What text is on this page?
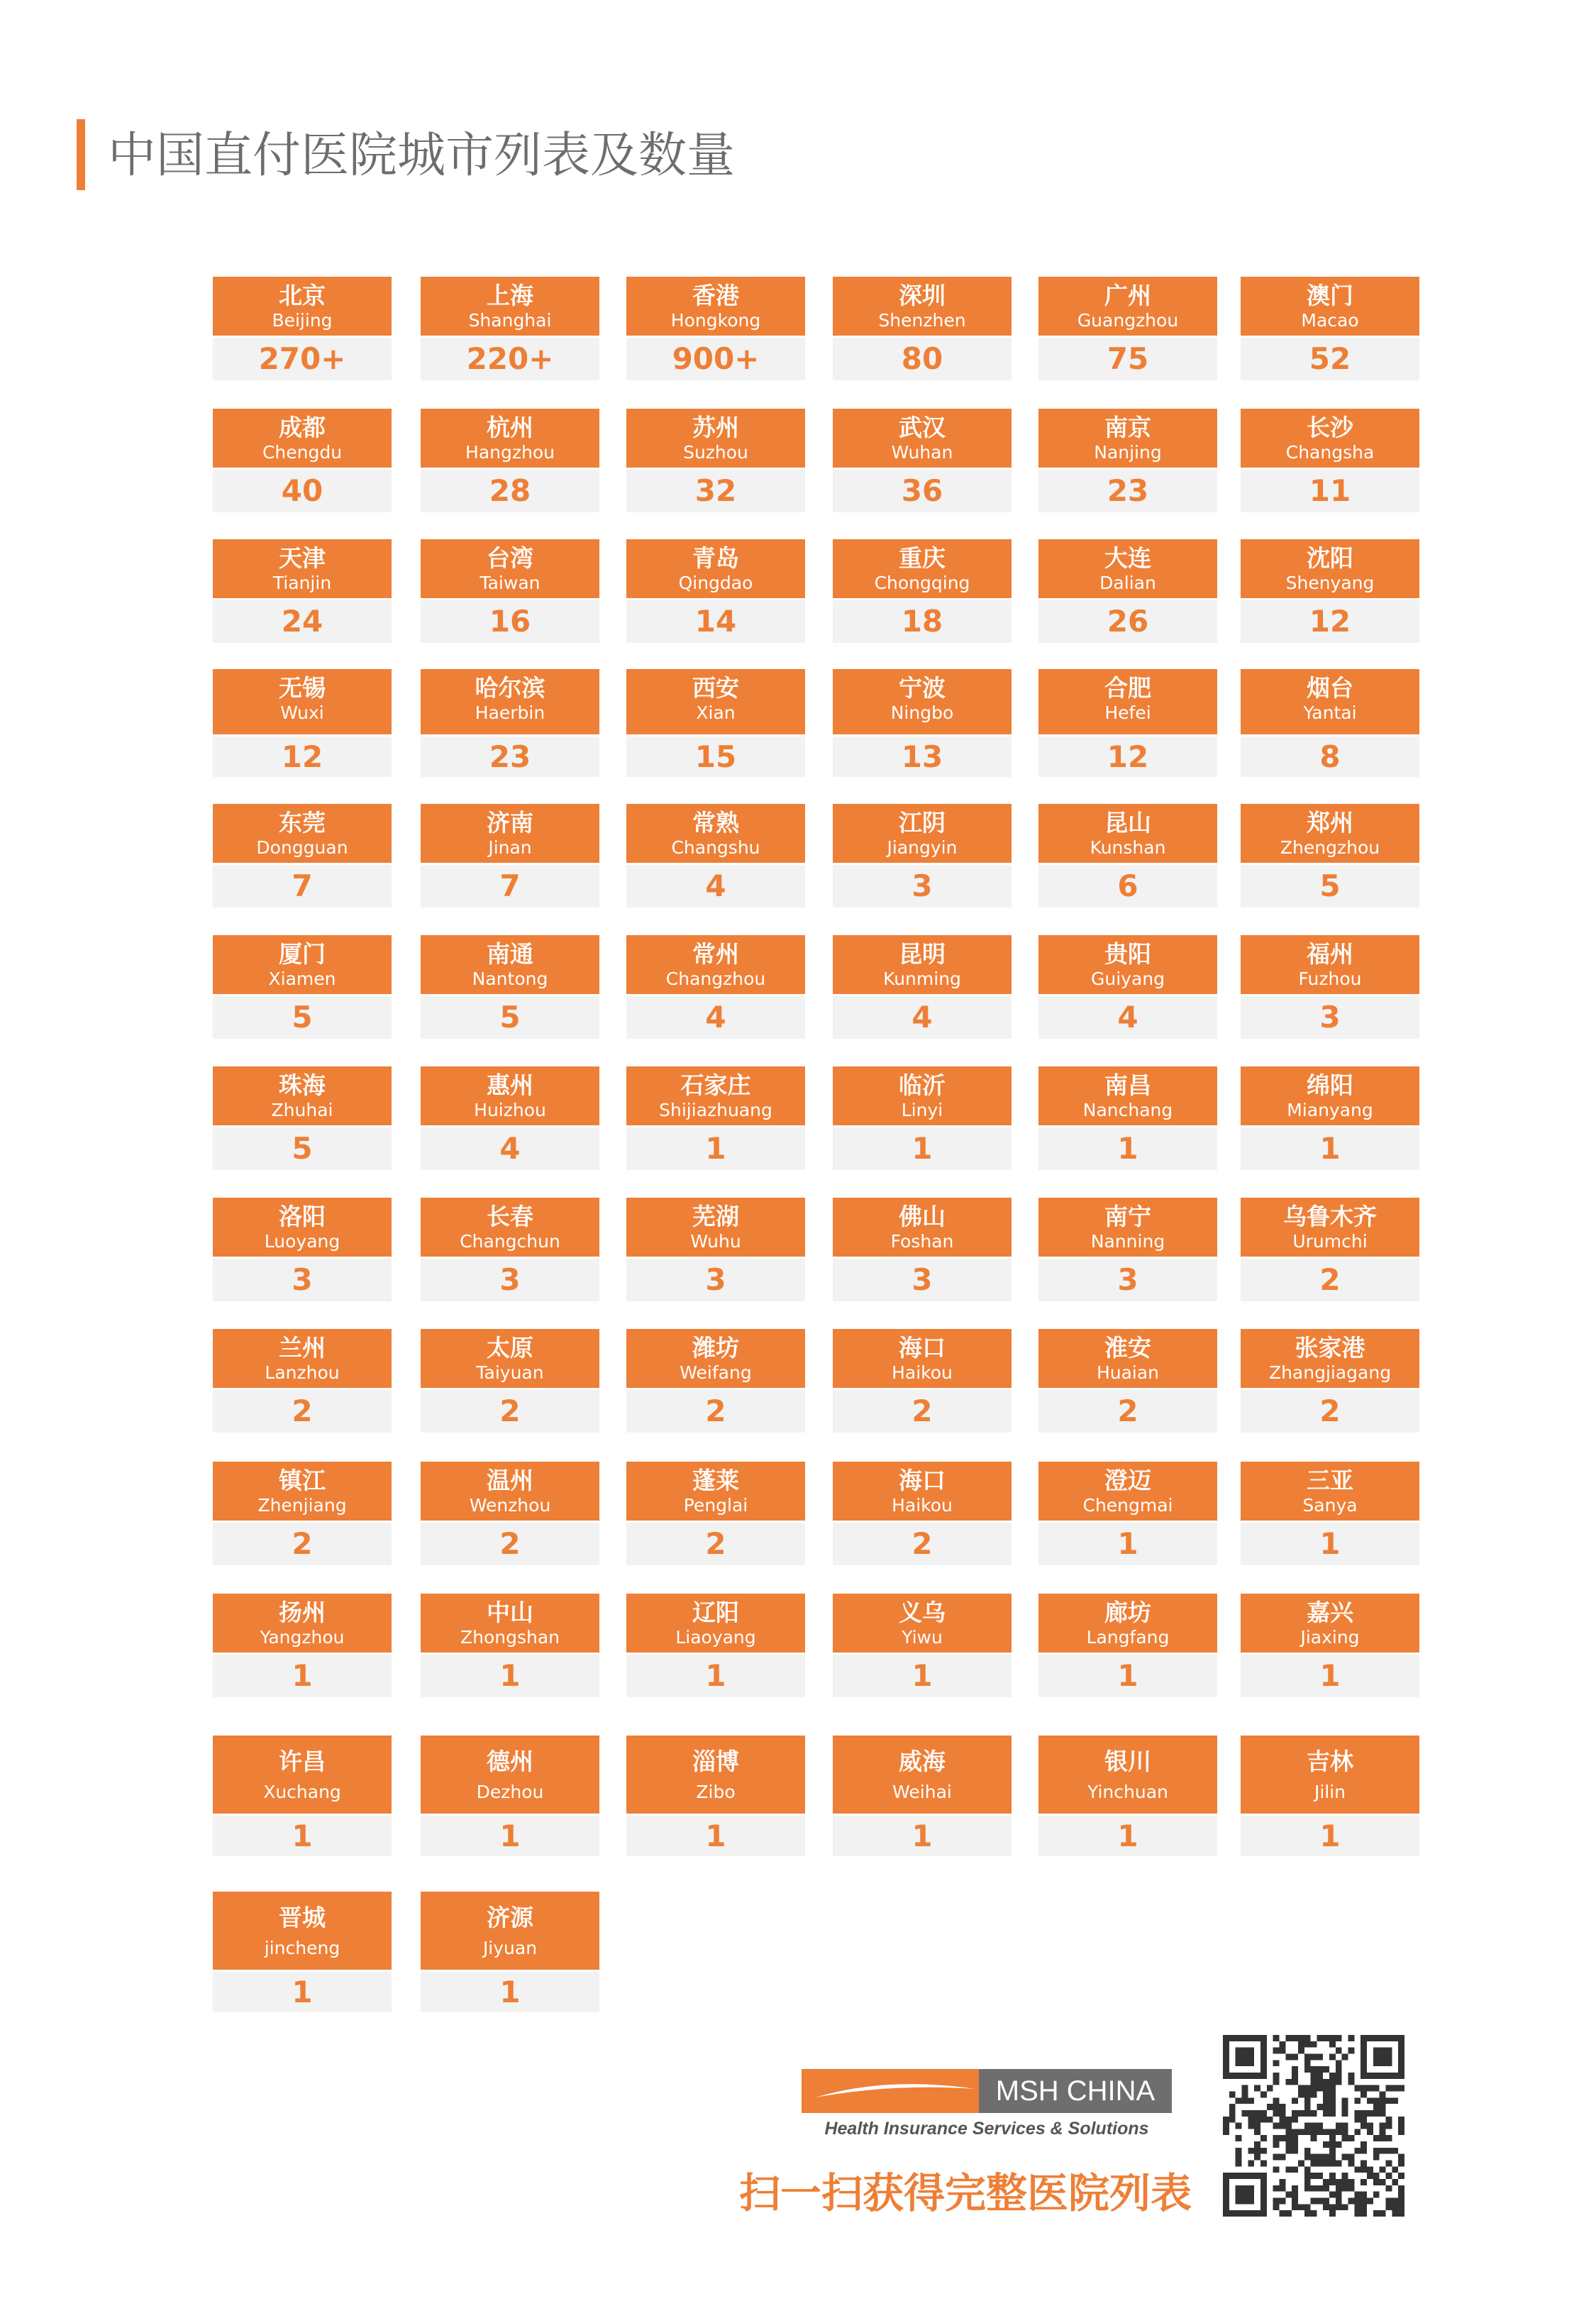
中国直付医院城市列表及数量
北京
Beijing
270+
上海
Shanghai
220+
香港
Hongkong
900+
深圳
Shenzhen
80
广州
Guangzhou
75
澳门
Macao
52
成都
Chengdu
40
杭州
Hangzhou
28
苏州
Suzhou
32
武汉
Wuhan
36
南京
Nanjing
23
长沙
Changsha
11
天津
Tianjin
24
台湾
Taiwan
16
青岛
Qingdao
14
重庆
Chongqing
18
大连
Dalian
26
沈阳
Shenyang
12
无锡
Wuxi
12
哈尔滨
Haerbin
23
西安
Xian
15
宁波
Ningbo
13
合肥
Hefei
12
烟台
Yantai
8
东莞
Dongguan
7
济南
Jinan
7
常熟
Changshu
4
江阴
Jiangyin
3
昆山
Kunshan
6
郑州
Zhengzhou
5
厦门
Xiamen
5
南通
Nantong
5
常州
Changzhou
4
昆明
Kunming
4
贵阳
Guiyang
4
福州
Fuzhou
3
珠海
Zhuhai
5
惠州
Huizhou
4
石家庄
Shijiazhuang
1
临沂
Linyi
1
南昌
Nanchang
1
绵阳
Mianyang
1
洛阳
Luoyang
3
长春
Changchun
3
芜湖
Wuhu
3
佛山
Foshan
3
南宁
Nanning
3
乌鲁木齐
Urumchi
2
兰州
Lanzhou
2
太原
Taiyuan
2
潍坊
Weifang
2
海口
Haikou
2
淮安
Huaian
2
张家港
Zhangjiagang
2
镇江
Zhenjiang
2
温州
Wenzhou
2
蓬莱
Penglai
2
海口
Haikou
2
澄迈
Chengmai
1
三亚
Sanya
1
扬州
Yangzhou
1
中山
Zhongshan
1
辽阳
Liaoyang
1
义乌
Yiwu
1
廊坊
Langfang
1
嘉兴
Jiaxing
1
许昌
Xuchang
1
德州
Dezhou
1
淄博
Zibo
1
威海
Weihai
1
银川
Yinchuan
1
吉林
Jilin
1
晋城
jincheng
1
济源
Jiyuan
1
MSH CHINA
Health Insurance Services & Solutions
扫一扫获得完整医院列表
